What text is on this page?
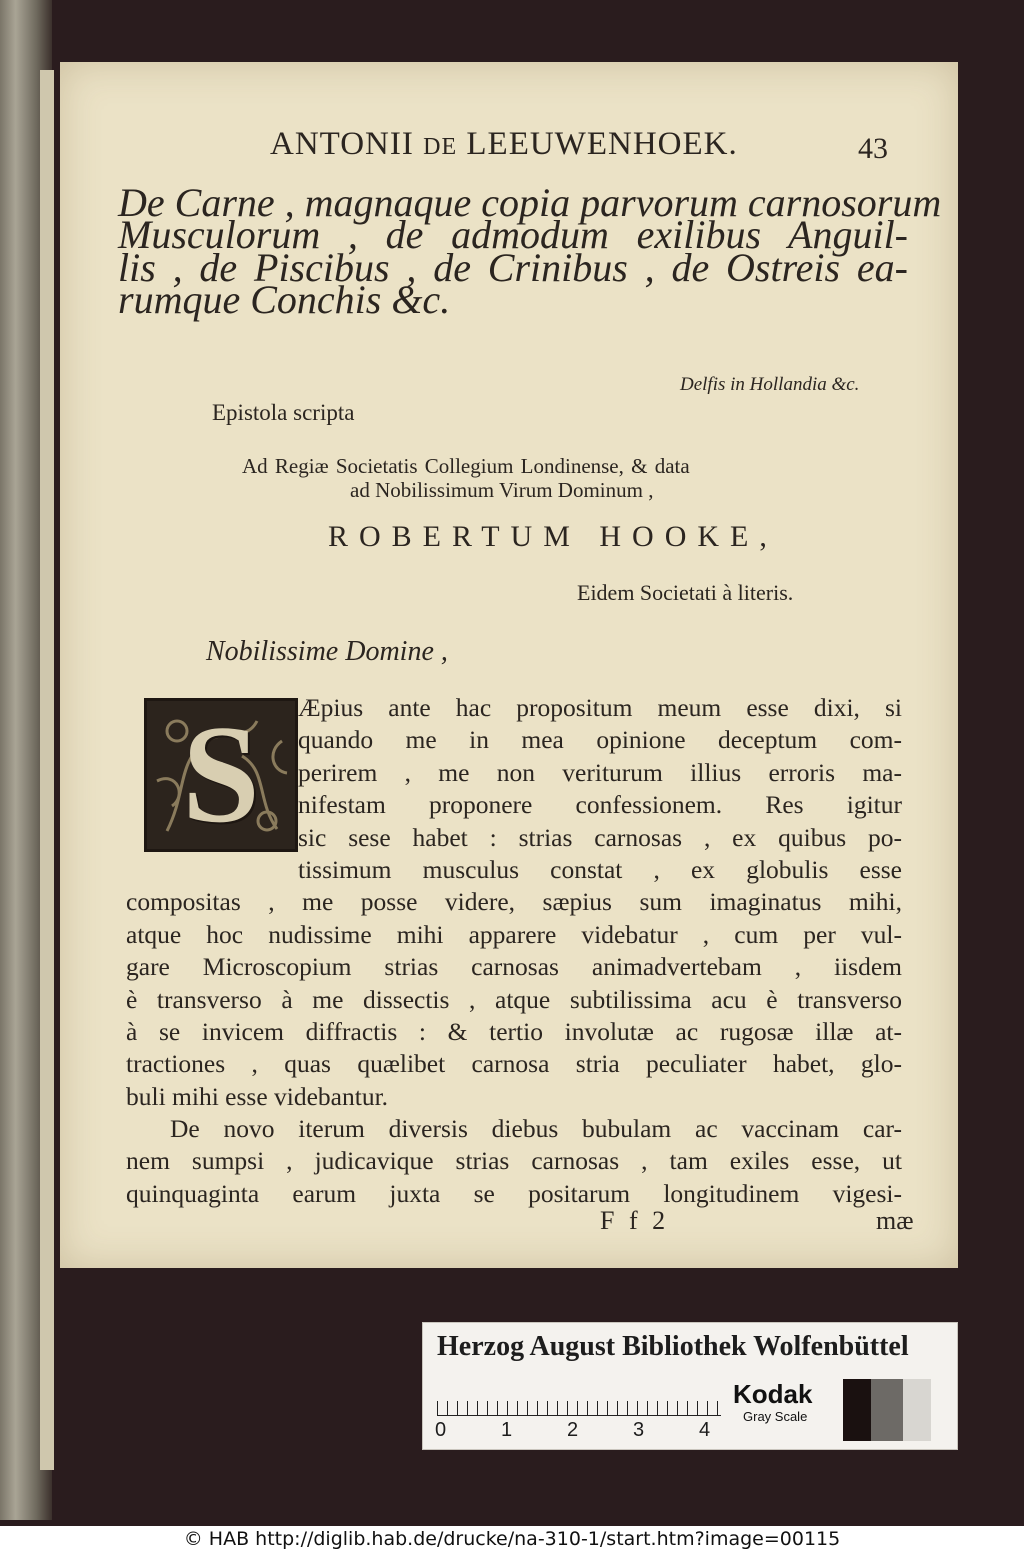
ANTONII DE LEEUWENHOEK.	43
De Carne , magnaque copia parvorum carnosorum
Musculorum , de admodum exilibus Anguil-
lis , de Piscibus , de Crinibus , de Ostreis ea-
rumque Conchis &c.
Delfis in Hollandia &c.
Epistola scripta
Ad Regiæ Societatis Collegium Londinense, & data
ad Nobilissimum Virum Dominum ,
ROBERTUM HOOKE,
Eidem Societati à literis.
Nobilissime Domine ,
S	Æpius ante hac propositum meum esse dixi, si
quando me in mea opinione deceptum com-
perirem , me non veriturum illius erroris ma-
nifestam proponere confessionem. Res igitur
sic sese habet : strias carnosas , ex quibus po-
tissimum musculus constat , ex globulis esse
compositas , me posse videre, sæpius sum imaginatus mihi,
atque hoc nudissime mihi apparere videbatur , cum per vul-
gare Microscopium strias carnosas animadvertebam , iisdem
è transverso à me dissectis , atque subtilissima acu è transverso
à se invicem diffractis : & tertio involutæ ac rugosæ illæ at-
tractiones , quas quælibet carnosa stria peculiater habet, glo-
buli mihi esse videbantur.
De novo iterum diversis diebus bubulam ac vaccinam car-
nem sumpsi , judicavique strias carnosas , tam exiles esse, ut
quinquaginta earum juxta se positarum longitudinem vigesi-
F f 2	mæ
Herzog August Bibliothek Wolfenbüttel
0	1	2	3	4
Kodak
Gray Scale
© HAB http://diglib.hab.de/drucke/na-310-1/start.htm?image=00115
